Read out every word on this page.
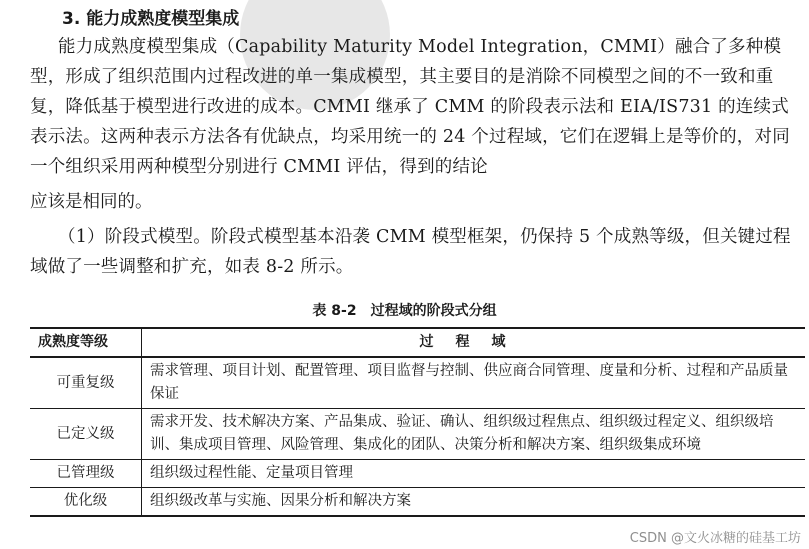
3. 能力成熟度模型集成
能力成熟度模型集成（Capability Maturity Model Integration，CMMI）融合了多种模型，形成了组织范围内过程改进的单一集成模型，其主要目的是消除不同模型之间的不一致和重复，降低基于模型进行改进的成本。CMMI 继承了 CMM 的阶段表示法和 EIA/IS731 的连续式表示法。这两种表示方法各有优缺点，均采用统一的 24 个过程域，它们在逻辑上是等价的，对同一个组织采用两种模型分别进行 CMMI 评估，得到的结论
应该是相同的。
（1）阶段式模型。阶段式模型基本沿袭 CMM 模型框架，仍保持 5 个成熟等级，但关键过程域做了一些调整和扩充，如表 8-2 所示。
表 8-2　过程域的阶段式分组
成熟度等级	过程域
可重复级	需求管理、项目计划、配置管理、项目监督与控制、供应商合同管理、度量和分析、过程和产品质量保证
已定义级	需求开发、技术解决方案、产品集成、验证、确认、组织级过程焦点、组织级过程定义、组织级培训、集成项目管理、风险管理、集成化的团队、决策分析和解决方案、组织级集成环境
已管理级	组织级过程性能、定量项目管理
优化级	组织级改革与实施、因果分析和解决方案
CSDN @文火冰糖的硅基工坊
